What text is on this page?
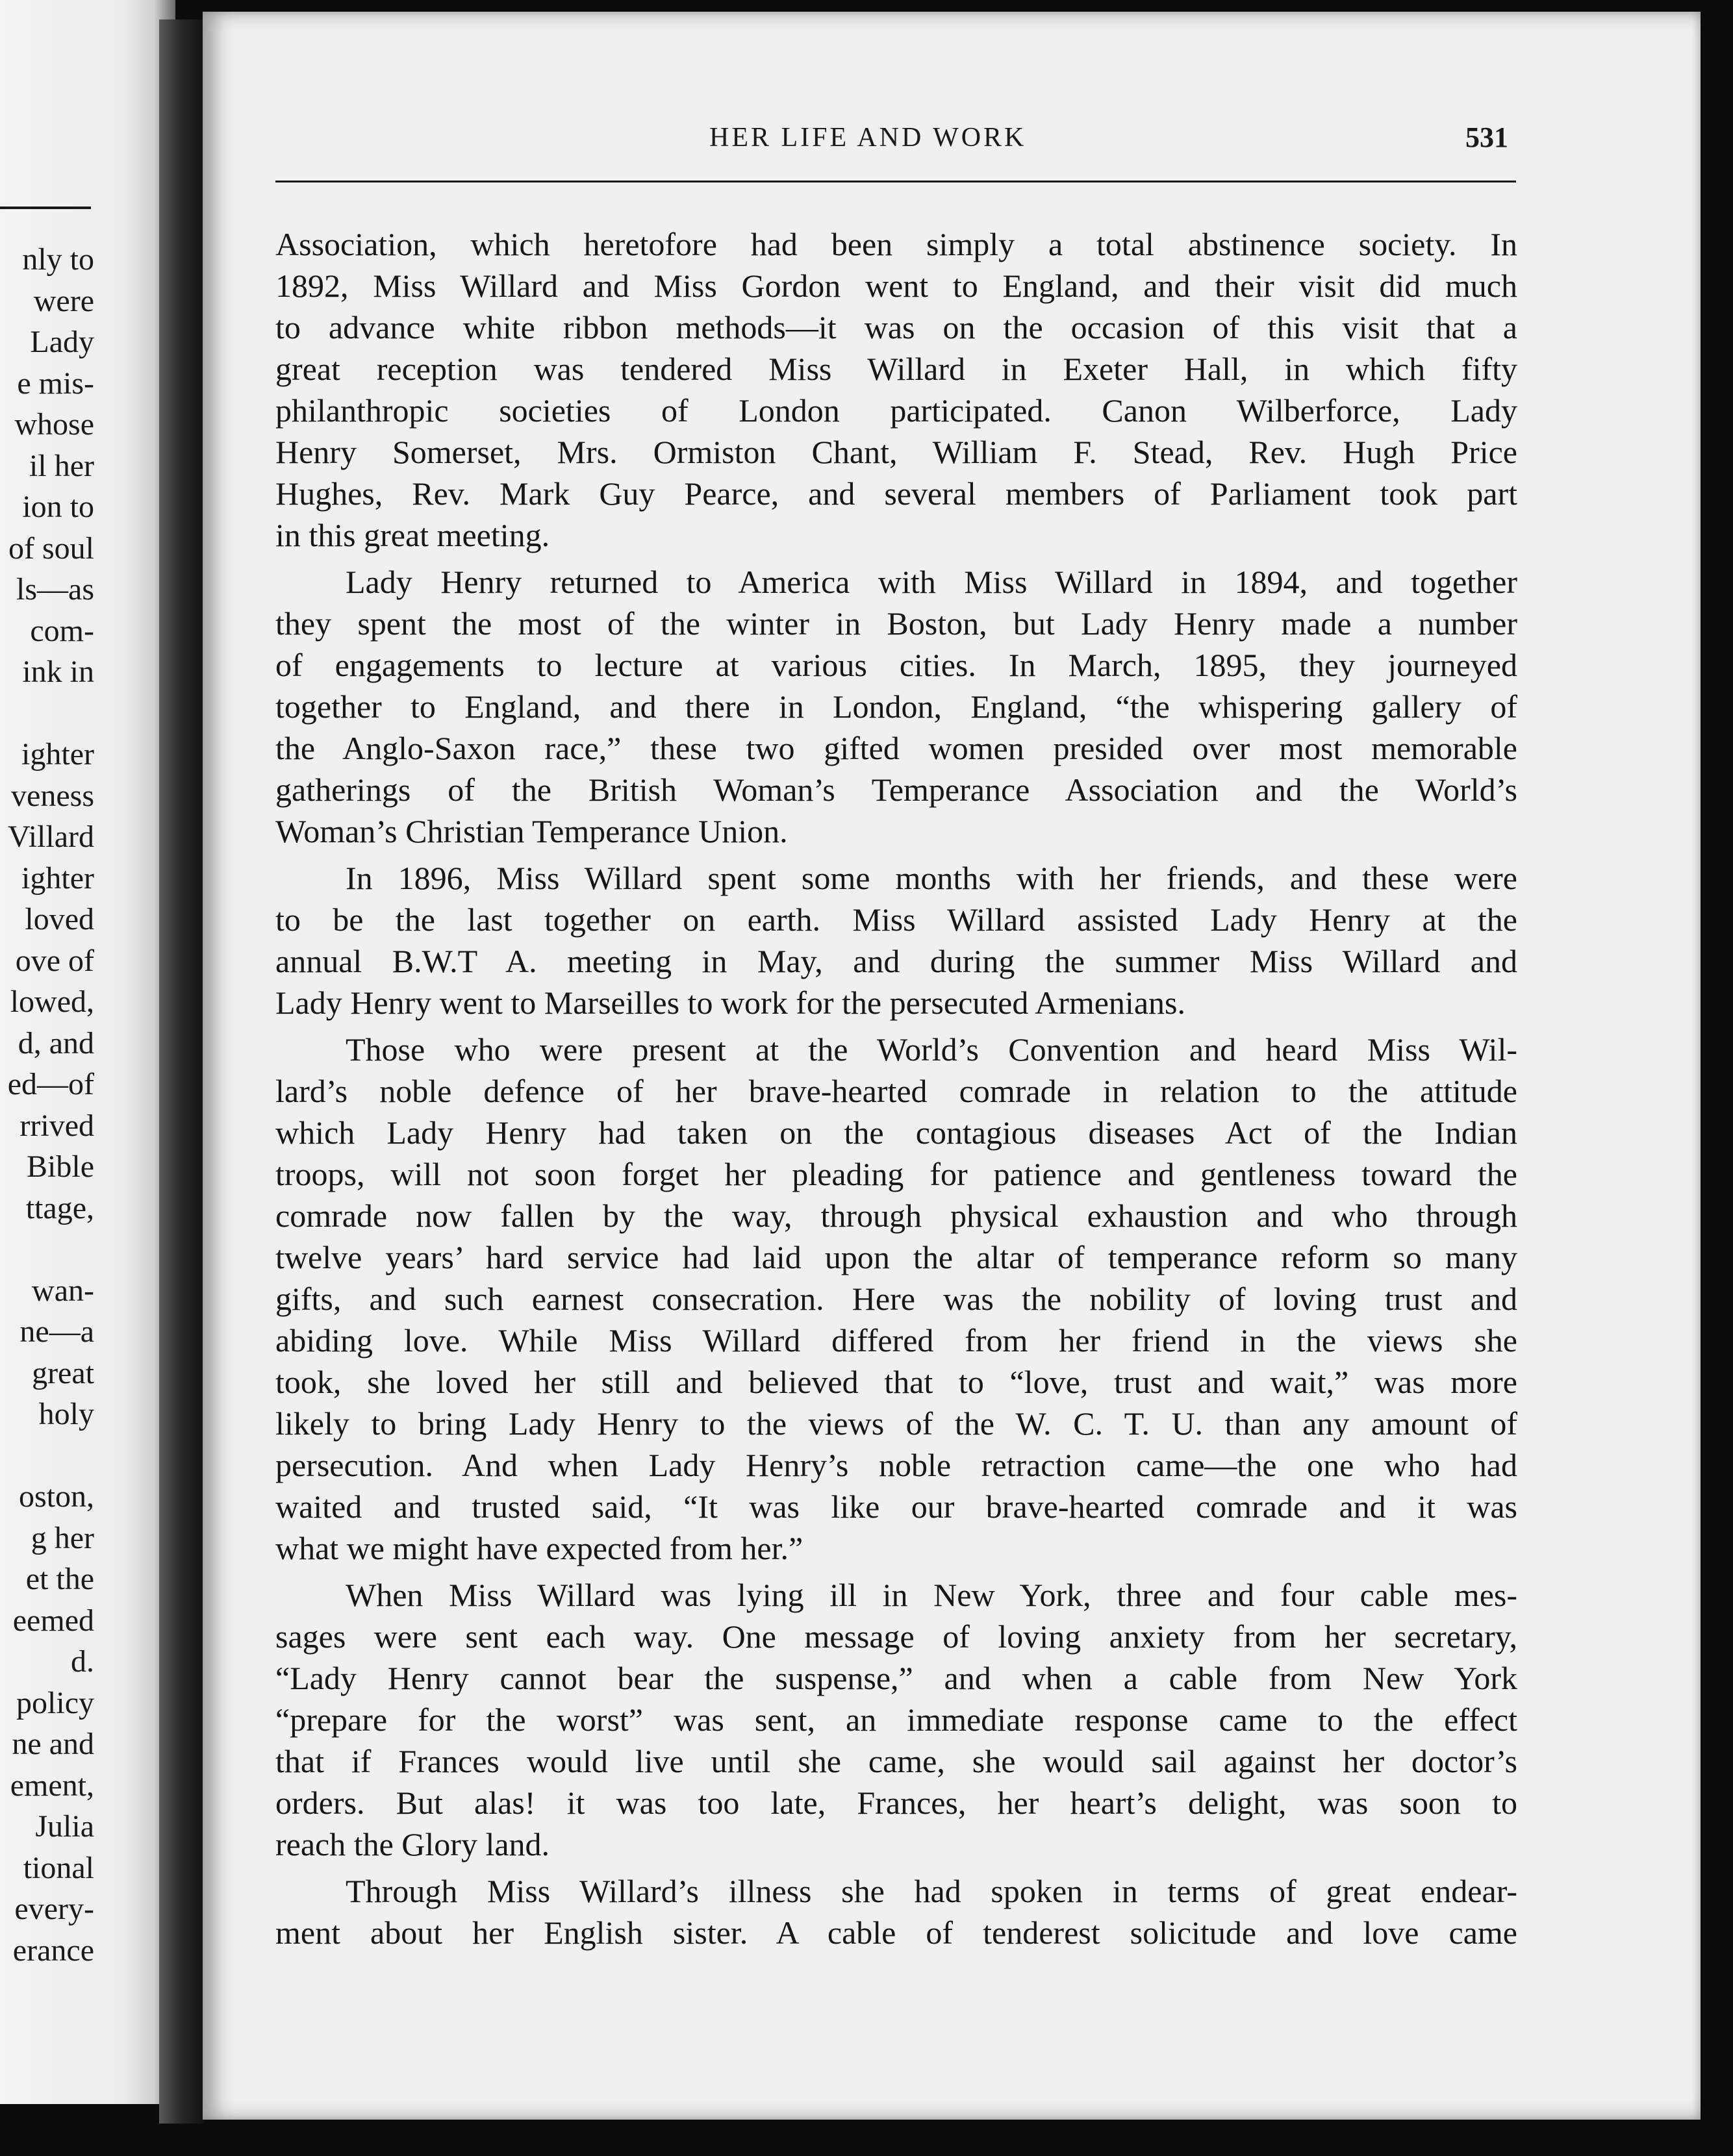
nly to
​ were
Lady
e mis-
whose
il her
ion to
of soul
ls—as
com-
ink in

ighter
veness
Villard
ighter
loved
ove of
lowed,
d, and
ed—of
rrived
Bible
ttage,

wan-
ne—a
great
holy

oston,
g her
et the
eemed
d.
policy
ne and
ement,
Julia
tional
every-
erance
HER LIFE AND WORK	531
Association, which heretofore had been simply a total abstinence society. In
1892, Miss Willard and Miss Gordon went to England, and their visit did much
to advance white ribbon methods—it was on the occasion of this visit that a
great reception was tendered Miss Willard in Exeter Hall, in which fifty
philanthropic societies of London participated. Canon Wilberforce, Lady
Henry Somerset, Mrs. Ormiston Chant, William F. Stead, Rev. Hugh Price
Hughes, Rev. Mark Guy Pearce, and several members of Parliament took part
in this great meeting.
Lady Henry returned to America with Miss Willard in 1894, and together
they spent the most of the winter in Boston, but Lady Henry made a number
of engagements to lecture at various cities. In March, 1895, they journeyed
together to England, and there in London, England, “the whispering gallery of
the Anglo-Saxon race,” these two gifted women presided over most memorable
gatherings of the British Woman’s Temperance Association and the World’s
Woman’s Christian Temperance Union.
In 1896, Miss Willard spent some months with her friends, and these were
to be the last together on earth. Miss Willard assisted Lady Henry at the
annual B.W.T A. meeting in May, and during the summer Miss Willard and
Lady Henry went to Marseilles to work for the persecuted Armenians.
Those who were present at the World’s Convention and heard Miss Wil-
lard’s noble defence of her brave-hearted comrade in relation to the attitude
which Lady Henry had taken on the contagious diseases Act of the Indian
troops, will not soon forget her pleading for patience and gentleness toward the
comrade now fallen by the way, through physical exhaustion and who through
twelve years’ hard service had laid upon the altar of temperance reform so many
gifts, and such earnest consecration. Here was the nobility of loving trust and
abiding love. While Miss Willard differed from her friend in the views she
took, she loved her still and believed that to “love, trust and wait,” was more
likely to bring Lady Henry to the views of the W. C. T. U. than any amount of
persecution. And when Lady Henry’s noble retraction came—the one who had
waited and trusted said, “It was like our brave-hearted comrade and it was
what we might have expected from her.”
When Miss Willard was lying ill in New York, three and four cable mes-
sages were sent each way. One message of loving anxiety from her secretary,
“Lady Henry cannot bear the suspense,” and when a cable from New York
“prepare for the worst” was sent, an immediate response came to the effect
that if Frances would live until she came, she would sail against her doctor’s
orders. But alas! it was too late, Frances, her heart’s delight, was soon to
reach the Glory land.
Through Miss Willard’s illness she had spoken in terms of great endear-
ment about her English sister. A cable of tenderest solicitude and love came
